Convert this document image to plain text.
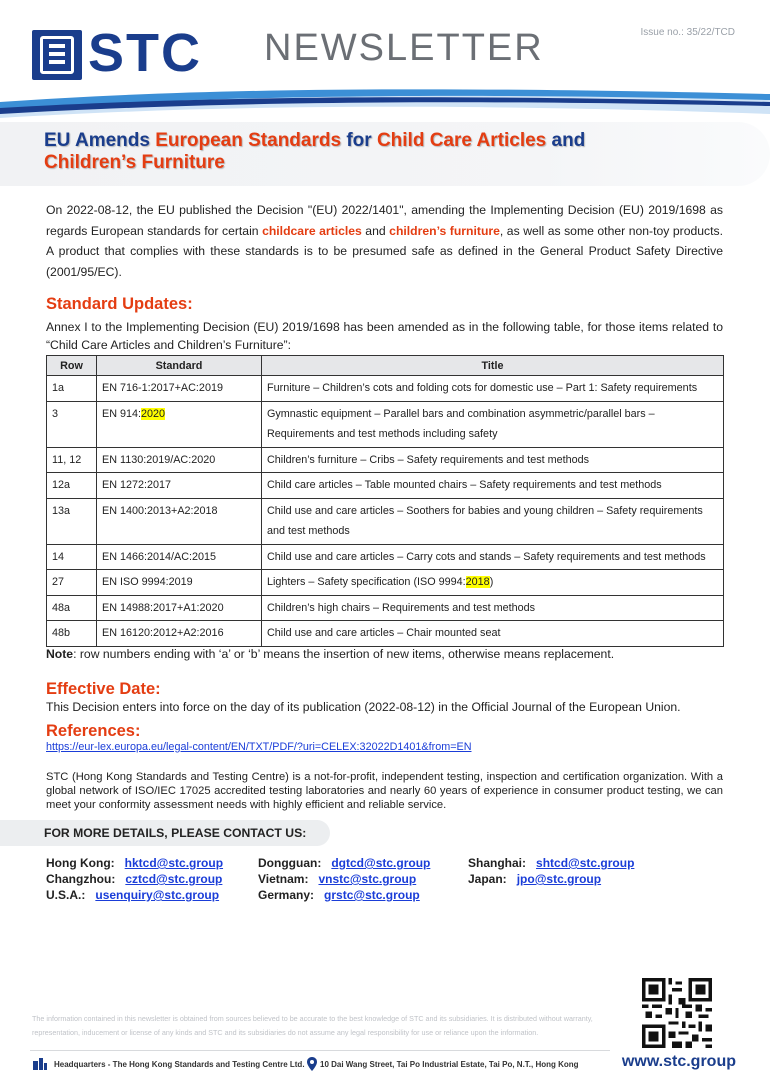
Issue no.: 35/22/TCD
STC NEWSLETTER
EU Amends European Standards for Child Care Articles and
Children’s Furniture

On 2022-08-12, the EU published the Decision "(EU) 2022/1401", amending the Implementing Decision (EU) 2019/1698 as regards European standards for certain childcare articles and children’s furniture, as well as some other non-toy products. A product that complies with these standards is to be presumed safe as defined in the General Product Safety Directive (2001/95/EC).

Standard Updates:

Annex I to the Implementing Decision (EU) 2019/1698 has been amended as in the following table, for those items related to “Child Care Articles and Children’s Furniture”:

Row	Standard	Title
1a	EN 716-1:2017+AC:2019	Furniture – Children’s cots and folding cots for domestic use – Part 1: Safety requirements
3	EN 914:2020	Gymnastic equipment – Parallel bars and combination asymmetric/parallel bars – Requirements and test methods including safety
11, 12	EN 1130:2019/AC:2020	Children’s furniture – Cribs – Safety requirements and test methods
12a	EN 1272:2017	Child care articles – Table mounted chairs – Safety requirements and test methods
13a	EN 1400:2013+A2:2018	Child use and care articles – Soothers for babies and young children – Safety requirements and test methods
14	EN 1466:2014/AC:2015	Child use and care articles – Carry cots and stands – Safety requirements and test methods
27	EN ISO 9994:2019	Lighters – Safety specification (ISO 9994:2018)
48a	EN 14988:2017+A1:2020	Children’s high chairs – Requirements and test methods
48b	EN 16120:2012+A2:2016	Child use and care articles – Chair mounted seat

Note: row numbers ending with ‘a’ or ‘b’ means the insertion of new items, otherwise means replacement.

Effective Date:

This Decision enters into force on the day of its publication (2022-08-12) in the Official Journal of the European Union.

References:
https://eur-lex.europa.eu/legal-content/EN/TXT/PDF/?uri=CELEX:32022D1401&from=EN

STC (Hong Kong Standards and Testing Centre) is a not-for-profit, independent testing, inspection and certification organization. With a global network of ISO/IEC 17025 accredited testing laboratories and nearly 60 years of experience in consumer product testing, we can meet your conformity assessment needs with highly efficient and reliable service.

FOR MORE DETAILS, PLEASE CONTACT US:
Hong Kong: hktcd@stc.group	Dongguan: dgtcd@stc.group	Shanghai: shtcd@stc.group
Changzhou: cztcd@stc.group	Vietnam: vnstc@stc.group	Japan: jpo@stc.group
U.S.A.: usenquiry@stc.group	Germany: grstc@stc.group

The information contained in this newsletter is obtained from sources believed to be accurate to the best knowledge of STC and its subsidiaries. It is distributed without warranty, representation, inducement or license of any kinds and STC and its subsidiaries do not assume any legal responsibility for use or reliance upon the information.

Headquarters - The Hong Kong Standards and Testing Centre Ltd. 10 Dai Wang Street, Tai Po Industrial Estate, Tai Po, N.T., Hong Kong	www.stc.group
